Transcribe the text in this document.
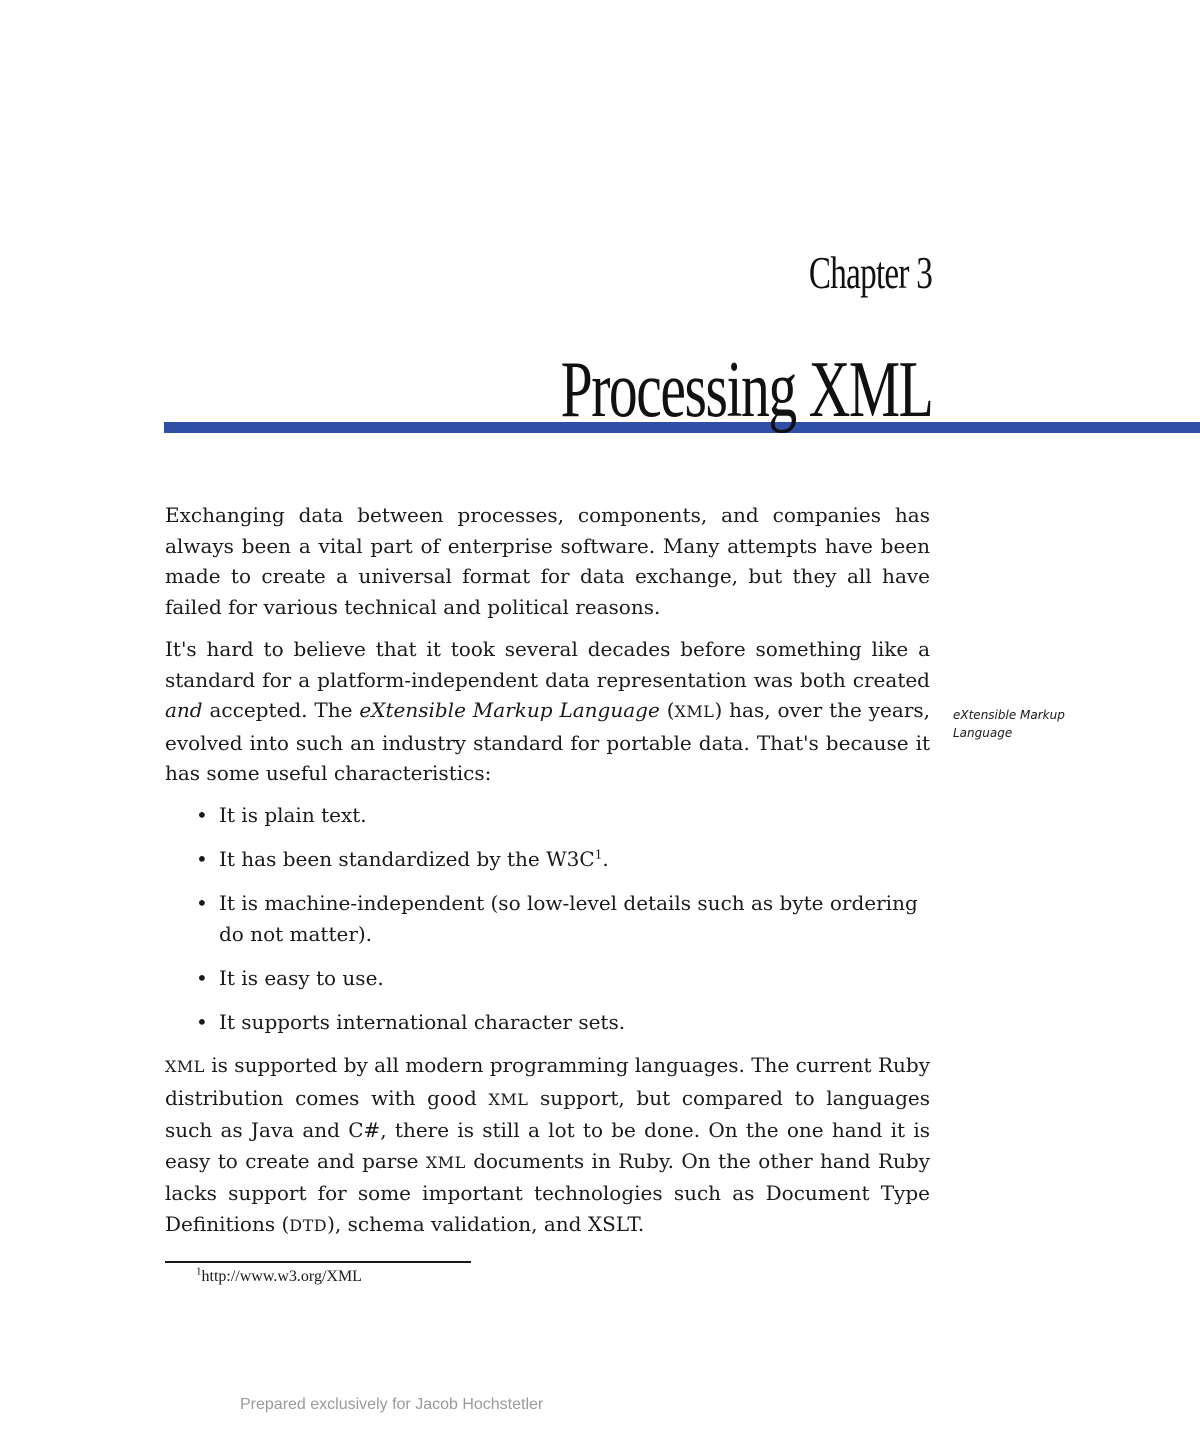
Chapter 3
Processing XML
Exchanging data between processes, components, and companies has always been a vital part of enterprise software. Many attempts have been made to create a universal format for data exchange, but they all have failed for various technical and political reasons.
It's hard to believe that it took several decades before something like a standard for a platform-independent data representation was both created and accepted. The eXtensible Markup Language (XML) has, over the years, evolved into such an industry standard for portable data. That's because it has some useful characteristics:
eXtensible Markup Language
• It is plain text.
• It has been standardized by the $W3C^1$.
• It is machine-independent (so low-level details such as byte ordering do not matter).
• It is easy to use.
• It supports international character sets.
XML is supported by all modern programming languages. The current Ruby distribution comes with good XML support, but compared to languages such as Java and C#, there is still a lot to be done. On the one hand it is easy to create and parse XML documents in Ruby. On the other hand Ruby lacks support for some important technologies such as Document Type Definitions (DTD), schema validation, and XSLT.
$^1$http://www.w3.org/XML
Prepared exclusively for Jacob Hochstetler
